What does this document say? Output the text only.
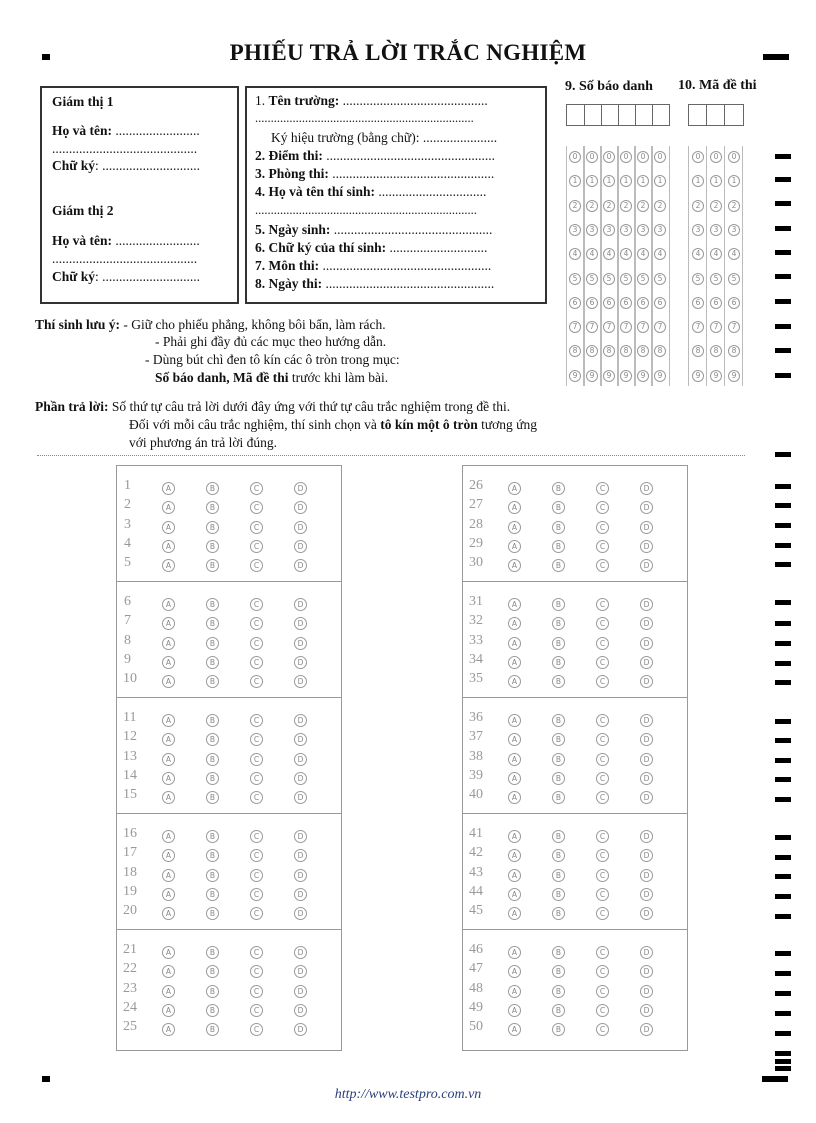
PHIẾU TRẢ LỜI TRẮC NGHIỆM
Giám thị 1
Họ và tên: .........................
...........................................
Chữ ký: .............................
Giám thị 2
Họ và tên: .........................
...........................................
Chữ ký: .............................
1. Tên trường: ...........................................
......................................................................
Ký hiệu trường (bằng chữ): ......................
2. Điểm thi: ..................................................
3. Phòng thi: ................................................
4. Họ và tên thí sinh: ................................
.......................................................................
5. Ngày sinh: ...............................................
6. Chữ ký của thí sinh: .............................
7. Môn thi: ..................................................
8. Ngày thi: ..................................................
9. Số báo danh 10. Mã đề thi
0	0	0	0	0	0
1	1	1	1	1	1
2	2	2	2	2	2
3	3	3	3	3	3
4	4	4	4	4	4
5	5	5	5	5	5
6	6	6	6	6	6
7	7	7	7	7	7
8	8	8	8	8	8
9	9	9	9	9	9
0	0	0
1	1	1
2	2	2
3	3	3
4	4	4
5	5	5
6	6	6
7	7	7
8	8	8
9	9	9
Thí sinh lưu ý: - Giữ cho phiếu phẳng, không bôi bẩn, làm rách.
- Phải ghi đầy đủ các mục theo hướng dẫn.
- Dùng bút chì đen tô kín các ô tròn trong mục:
Số báo danh, Mã đề thi trước khi làm bài.
Phần trả lời: Số thứ tự câu trả lời dưới đây ứng với thứ tự câu trắc nghiệm trong đề thi.
Đối với mỗi câu trắc nghiệm, thí sinh chọn và tô kín một ô tròn tương ứng
với phương án trả lời đúng.
1	A	B	C	D
2	A	B	C	D
3	A	B	C	D
4	A	B	C	D
5	A	B	C	D
6	A	B	C	D
7	A	B	C	D
8	A	B	C	D
9	A	B	C	D
10	A	B	C	D
11	A	B	C	D
12	A	B	C	D
13	A	B	C	D
14	A	B	C	D
15	A	B	C	D
16	A	B	C	D
17	A	B	C	D
18	A	B	C	D
19	A	B	C	D
20	A	B	C	D
21	A	B	C	D
22	A	B	C	D
23	A	B	C	D
24	A	B	C	D
25	A	B	C	D
26	A	B	C	D
27	A	B	C	D
28	A	B	C	D
29	A	B	C	D
30	A	B	C	D
31	A	B	C	D
32	A	B	C	D
33	A	B	C	D
34	A	B	C	D
35	A	B	C	D
36	A	B	C	D
37	A	B	C	D
38	A	B	C	D
39	A	B	C	D
40	A	B	C	D
41	A	B	C	D
42	A	B	C	D
43	A	B	C	D
44	A	B	C	D
45	A	B	C	D
46	A	B	C	D
47	A	B	C	D
48	A	B	C	D
49	A	B	C	D
50	A	B	C	D
http://www.testpro.com.vn
